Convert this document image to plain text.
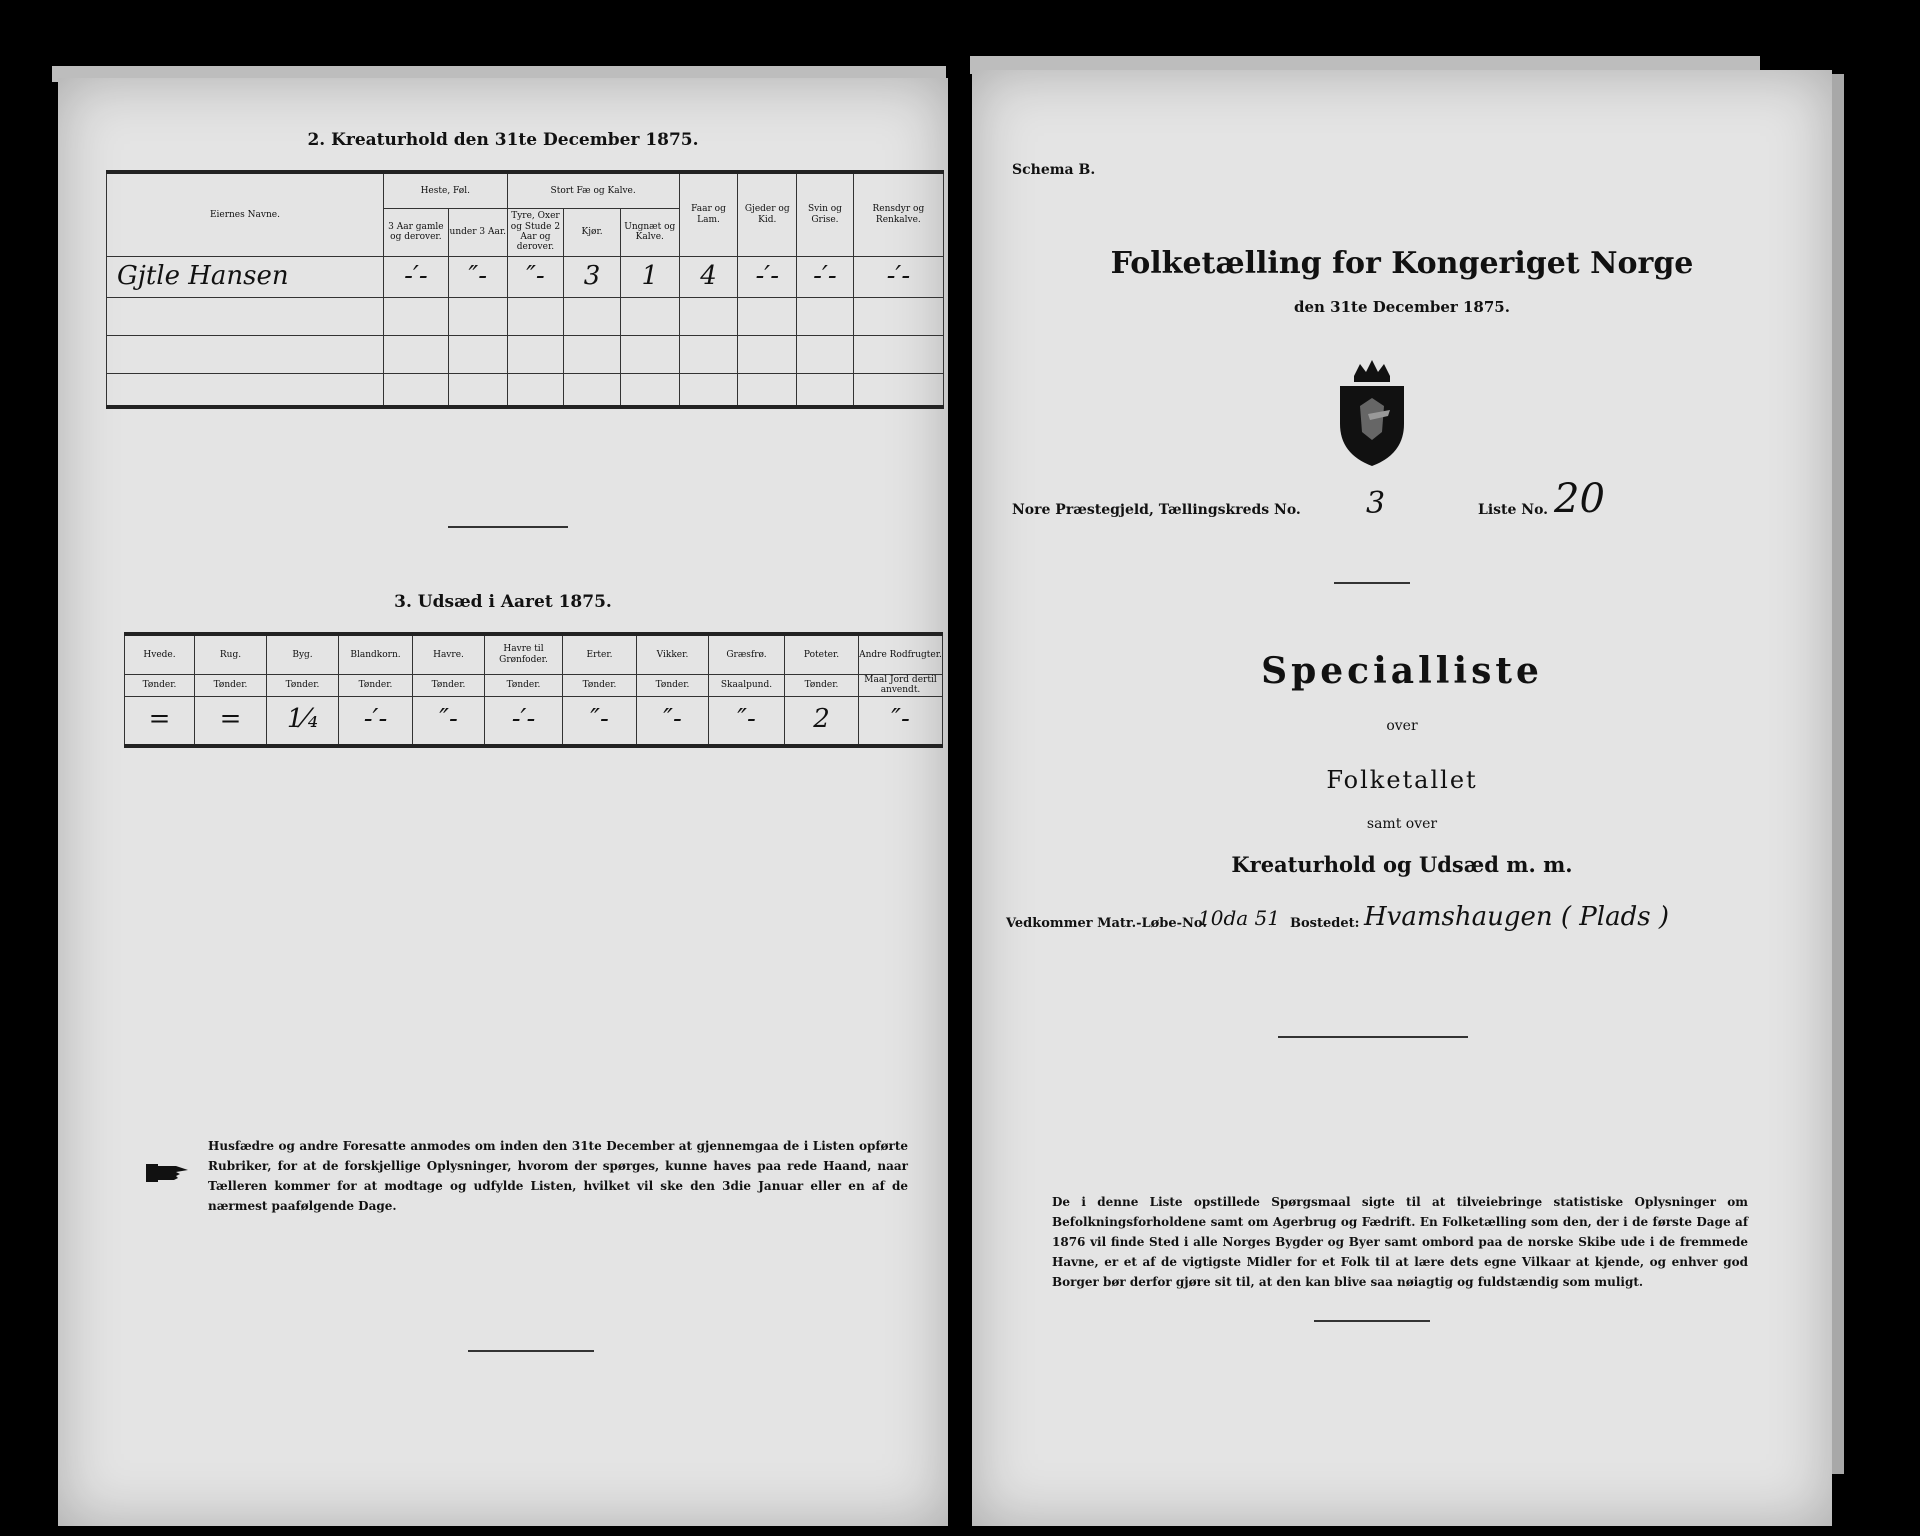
2. Kreaturhold den 31te December 1875.
Eiernes Navne.	Heste, Føl.		Stort Fæ og Kalve.			Faar og Lam.	Gjeder og Kid.	Svin og Grise.	Rensdyr og Renkalve.
	3 Aar gamle og derover.	under 3 Aar.	Tyre, Oxer og Stude 2 Aar og derover.	Kjør.	Ungnæt og Kalve.				
Gjtle Hansen	-′-	″-	″-	3	1	4	-′-	-′-	-′-

3. Udsæd i Aaret 1875.
Hvede.	Rug.	Byg.	Blandkorn.	Havre.	Havre til Grønfoder.	Erter.	Vikker.	Græsfrø.	Poteter.	Andre Rodfrugter.
Tønder.	Tønder.	Tønder.	Tønder.	Tønder.	Tønder.	Tønder.	Tønder.	Skaalpund.	Tønder.	Maal Jord dertil anvendt.
=	=	1⁄₄	-′-	″-	-′-	″-	″-	″-	2	″-
Husfædre og andre Foresatte anmodes om inden den 31te December at gjennemgaa de i Listen opførte Rubriker, for at de forskjellige Oplysninger, hvorom der spørges, kunne haves paa rede Haand, naar Tælleren kommer for at modtage og udfylde Listen, hvilket vil ske den 3die Januar eller en af de nærmest paafølgende Dage.
Schema B.
Folketælling for Kongeriget Norge
den 31te December 1875.
Nore Præstegjeld, Tællingskreds No. 3	Liste No. 20
Specialliste
over
Folketallet
samt over
Kreaturhold og Udsæd m. m.
Vedkommer Matr.-Løbe-No.
10da 51 Bostedet: Hvamshaugen ( Plads )
De i denne Liste opstillede Spørgsmaal sigte til at tilveiebringe statistiske Oplysninger om Befolkningsforholdene samt om Agerbrug og Fædrift. En Folketælling som den, der i de første Dage af 1876 vil finde Sted i alle Norges Bygder og Byer samt ombord paa de norske Skibe ude i de fremmede Havne, er et af de vigtigste Midler for et Folk til at lære dets egne Vilkaar at kjende, og enhver god Borger bør derfor gjøre sit til, at den kan blive saa nøiagtig og fuldstændig som muligt.
